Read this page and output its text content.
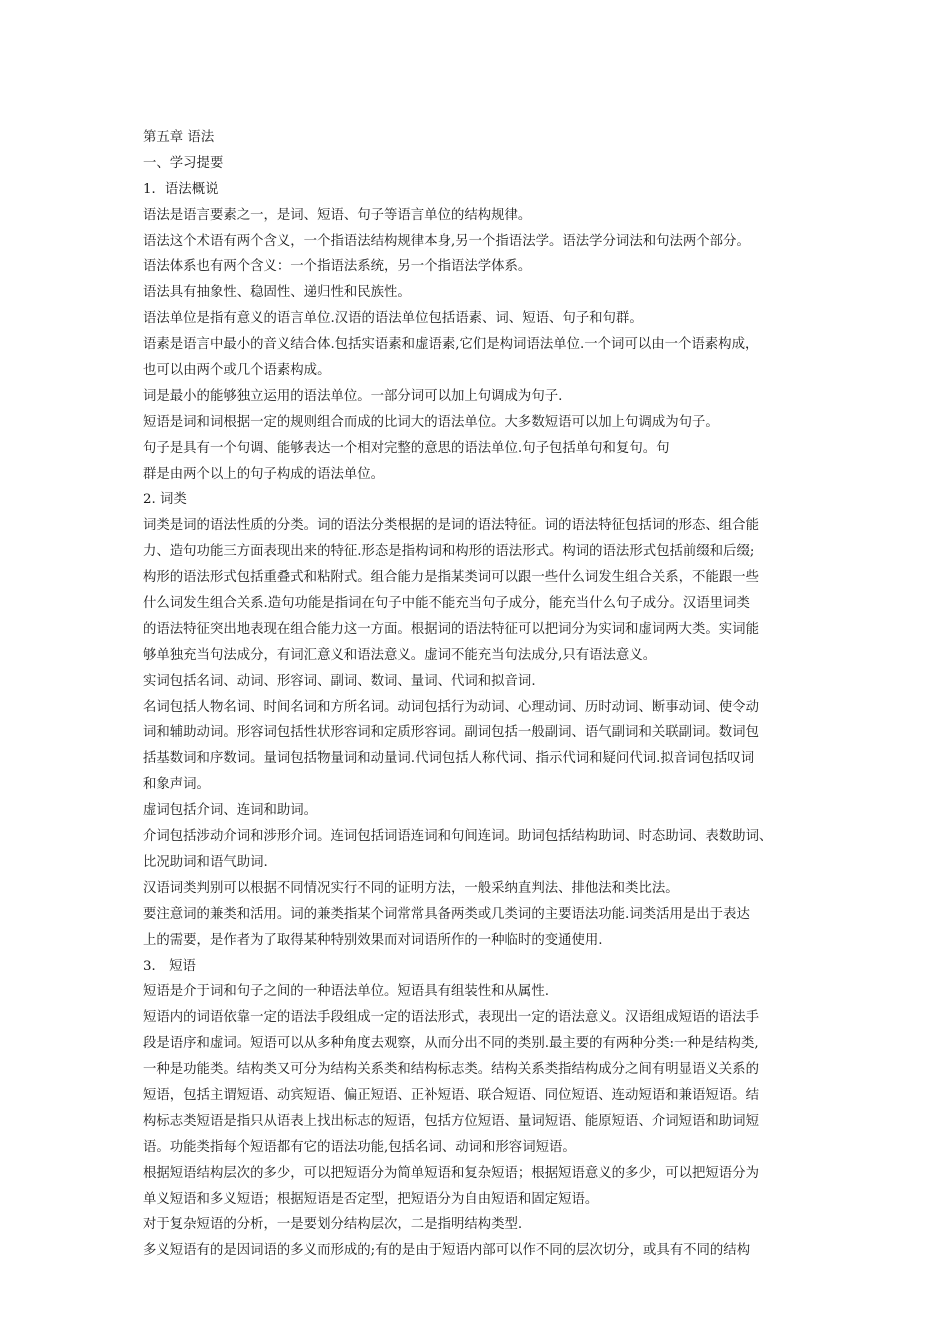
第五章 语法
一、学习提要
1．语法概说
语法是语言要素之一，是词、短语、句子等语言单位的结构规律。
语法这个术语有两个含义，一个指语法结构规律本身,另一个指语法学。语法学分词法和句法两个部分。
语法体系也有两个含义：一个指语法系统，另一个指语法学体系。
语法具有抽象性、稳固性、递归性和民族性。
语法单位是指有意义的语言单位.汉语的语法单位包括语素、词、短语、句子和句群。
语素是语言中最小的音义结合体.包括实语素和虚语素,它们是构词语法单位.一个词可以由一个语素构成，
也可以由两个或几个语素构成。
词是最小的能够独立运用的语法单位。一部分词可以加上句调成为句子.
短语是词和词根据一定的规则组合而成的比词大的语法单位。大多数短语可以加上句调成为句子。
句子是具有一个句调、能够表达一个相对完整的意思的语法单位.句子包括单句和复句。句
群是由两个以上的句子构成的语法单位。
2. 词类
词类是词的语法性质的分类。词的语法分类根据的是词的语法特征。词的语法特征包括词的形态、组合能
力、造句功能三方面表现出来的特征.形态是指构词和构形的语法形式。构词的语法形式包括前缀和后缀;
构形的语法形式包括重叠式和粘附式。组合能力是指某类词可以跟一些什么词发生组合关系，不能跟一些
什么词发生组合关系.造句功能是指词在句子中能不能充当句子成分，能充当什么句子成分。汉语里词类
的语法特征突出地表现在组合能力这一方面。根据词的语法特征可以把词分为实词和虚词两大类。实词能
够单独充当句法成分，有词汇意义和语法意义。虚词不能充当句法成分,只有语法意义。
实词包括名词、动词、形容词、副词、数词、量词、代词和拟音词.
名词包括人物名词、时间名词和方所名词。动词包括行为动词、心理动词、历时动词、断事动词、使令动
词和辅助动词。形容词包括性状形容词和定质形容词。副词包括一般副词、语气副词和关联副词。数词包
括基数词和序数词。量词包括物量词和动量词.代词包括人称代词、指示代词和疑问代词.拟音词包括叹词
和象声词。
虚词包括介词、连词和助词。
介词包括涉动介词和涉形介词。连词包括词语连词和句间连词。助词包括结构助词、时态助词、表数助词、
比况助词和语气助词.
汉语词类判别可以根据不同情况实行不同的证明方法，一般采纳直判法、排他法和类比法。
要注意词的兼类和活用。词的兼类指某个词常常具备两类或几类词的主要语法功能.词类活用是出于表达
上的需要，是作者为了取得某种特别效果而对词语所作的一种临时的变通使用.
3． 短语
短语是介于词和句子之间的一种语法单位。短语具有组装性和从属性.
短语内的词语依靠一定的语法手段组成一定的语法形式，表现出一定的语法意义。汉语组成短语的语法手
段是语序和虚词。短语可以从多种角度去观察，从而分出不同的类别.最主要的有两种分类:一种是结构类,
一种是功能类。结构类又可分为结构关系类和结构标志类。结构关系类指结构成分之间有明显语义关系的
短语，包括主谓短语、动宾短语、偏正短语、正补短语、联合短语、同位短语、连动短语和兼语短语。结
构标志类短语是指只从语表上找出标志的短语，包括方位短语、量词短语、能原短语、介词短语和助词短
语。功能类指每个短语都有它的语法功能,包括名词、动词和形容词短语。
根据短语结构层次的多少，可以把短语分为简单短语和复杂短语；根据短语意义的多少，可以把短语分为
单义短语和多义短语；根据短语是否定型，把短语分为自由短语和固定短语。
对于复杂短语的分析，一是要划分结构层次，二是指明结构类型.
多义短语有的是因词语的多义而形成的;有的是由于短语内部可以作不同的层次切分，或具有不同的结构
